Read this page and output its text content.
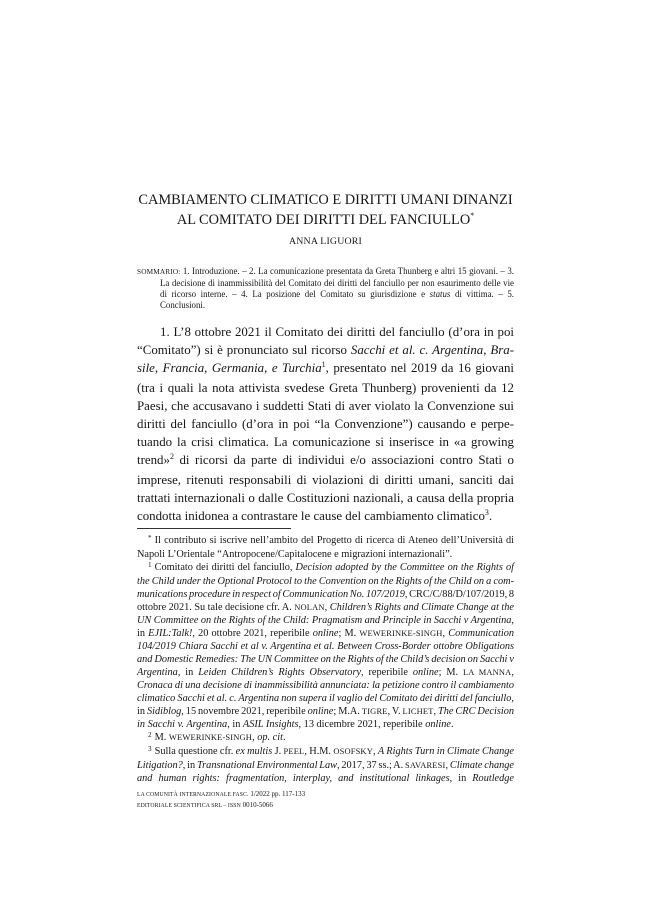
CAMBIAMENTO CLIMATICO E DIRITTI UMANI DINANZI
AL COMITATO DEI DIRITTI DEL FANCIULLO*
ANNA LIGUORI
SOMMARIO: 1. Introduzione. – 2. La comunicazione presentata da Greta Thunberg e altri 15 giovani. – 3.
La decisione di inammissibilità del Comitato dei diritti del fanciullo per non esaurimento delle vie
di ricorso interne. – 4. La posizione del Comitato su giurisdizione e status di vittima. – 5.
Conclusioni.
1. L’8 ottobre 2021 il Comitato dei diritti del fanciullo (d’ora in poi
“Comitato”) si è pronunciato sul ricorso Sacchi et al. c. Argentina, Bra-
sile, Francia, Germania, e Turchia$^1$, presentato nel 2019 da 16 giovani
(tra i quali la nota attivista svedese Greta Thunberg) provenienti da 12
Paesi, che accusavano i suddetti Stati di aver violato la Convenzione sui
diritti del fanciullo (d’ora in poi “la Convenzione”) causando e perpe-
tuando la crisi climatica. La comunicazione si inserisce in «a growing
trend»$^2$ di ricorsi da parte di individui e/o associazioni contro Stati o
imprese, ritenuti responsabili di violazioni di diritti umani, sanciti dai
trattati internazionali o dalle Costituzioni nazionali, a causa della propria
condotta inidonea a contrastare le cause del cambiamento climatico$^3$.
* Il contributo si iscrive nell’ambito del Progetto di ricerca di Ateneo dell’Università di
Napoli L’Orientale “Antropocene/Capitalocene e migrazioni internazionali”.
$^1$ Comitato dei diritti del fanciullo, Decision adopted by the Committee on the Rights of
the Child under the Optional Protocol to the Convention on the Rights of the Child on a com-
munications procedure in respect of Communication No. 107/2019, CRC/C/88/D/107/2019, 8
ottobre 2021. Su tale decisione cfr. A. NOLAN, Children’s Rights and Climate Change at the
UN Committee on the Rights of the Child: Pragmatism and Principle in Sacchi v Argentina,
in EJIL:Talk!, 20 ottobre 2021, reperibile online; M. WEWERINKE-SINGH, Communication
104/2019 Chiara Sacchi et al v. Argentina et al. Between Cross-Border ottobre Obligations
and Domestic Remedies: The UN Committee on the Rights of the Child’s decision on Sacchi v
Argentina, in Leiden Children’s Rights Observatory, reperibile online; M. LA MANNA,
Cronaca di una decisione di inammissibilità annunciata: la petizione contro il cambiamento
climatico Sacchi et al. c. Argentina non supera il vaglio del Comitato dei diritti del fanciullo,
in Sidiblog, 15 novembre 2021, reperibile online; M.A. TIGRE, V. LICHET, The CRC Decision
in Sacchi v. Argentina, in ASIL Insights, 13 dicembre 2021, reperibile online.
$^2$ M. WEWERINKE-SINGH, op. cit.
$^3$ Sulla questione cfr. ex multis J. PEEL, H.M. OSOFSKY, A Rights Turn in Climate Change
Litigation?, in Transnational Environmental Law, 2017, 37 ss.; A. SAVARESI, Climate change
and human rights: fragmentation, interplay, and institutional linkages, in Routledge
LA COMUNITÀ INTERNAZIONALE FASC. 1/2022 pp. 117-133
EDITORIALE SCIENTIFICA SRL – ISSN 0010-5066
